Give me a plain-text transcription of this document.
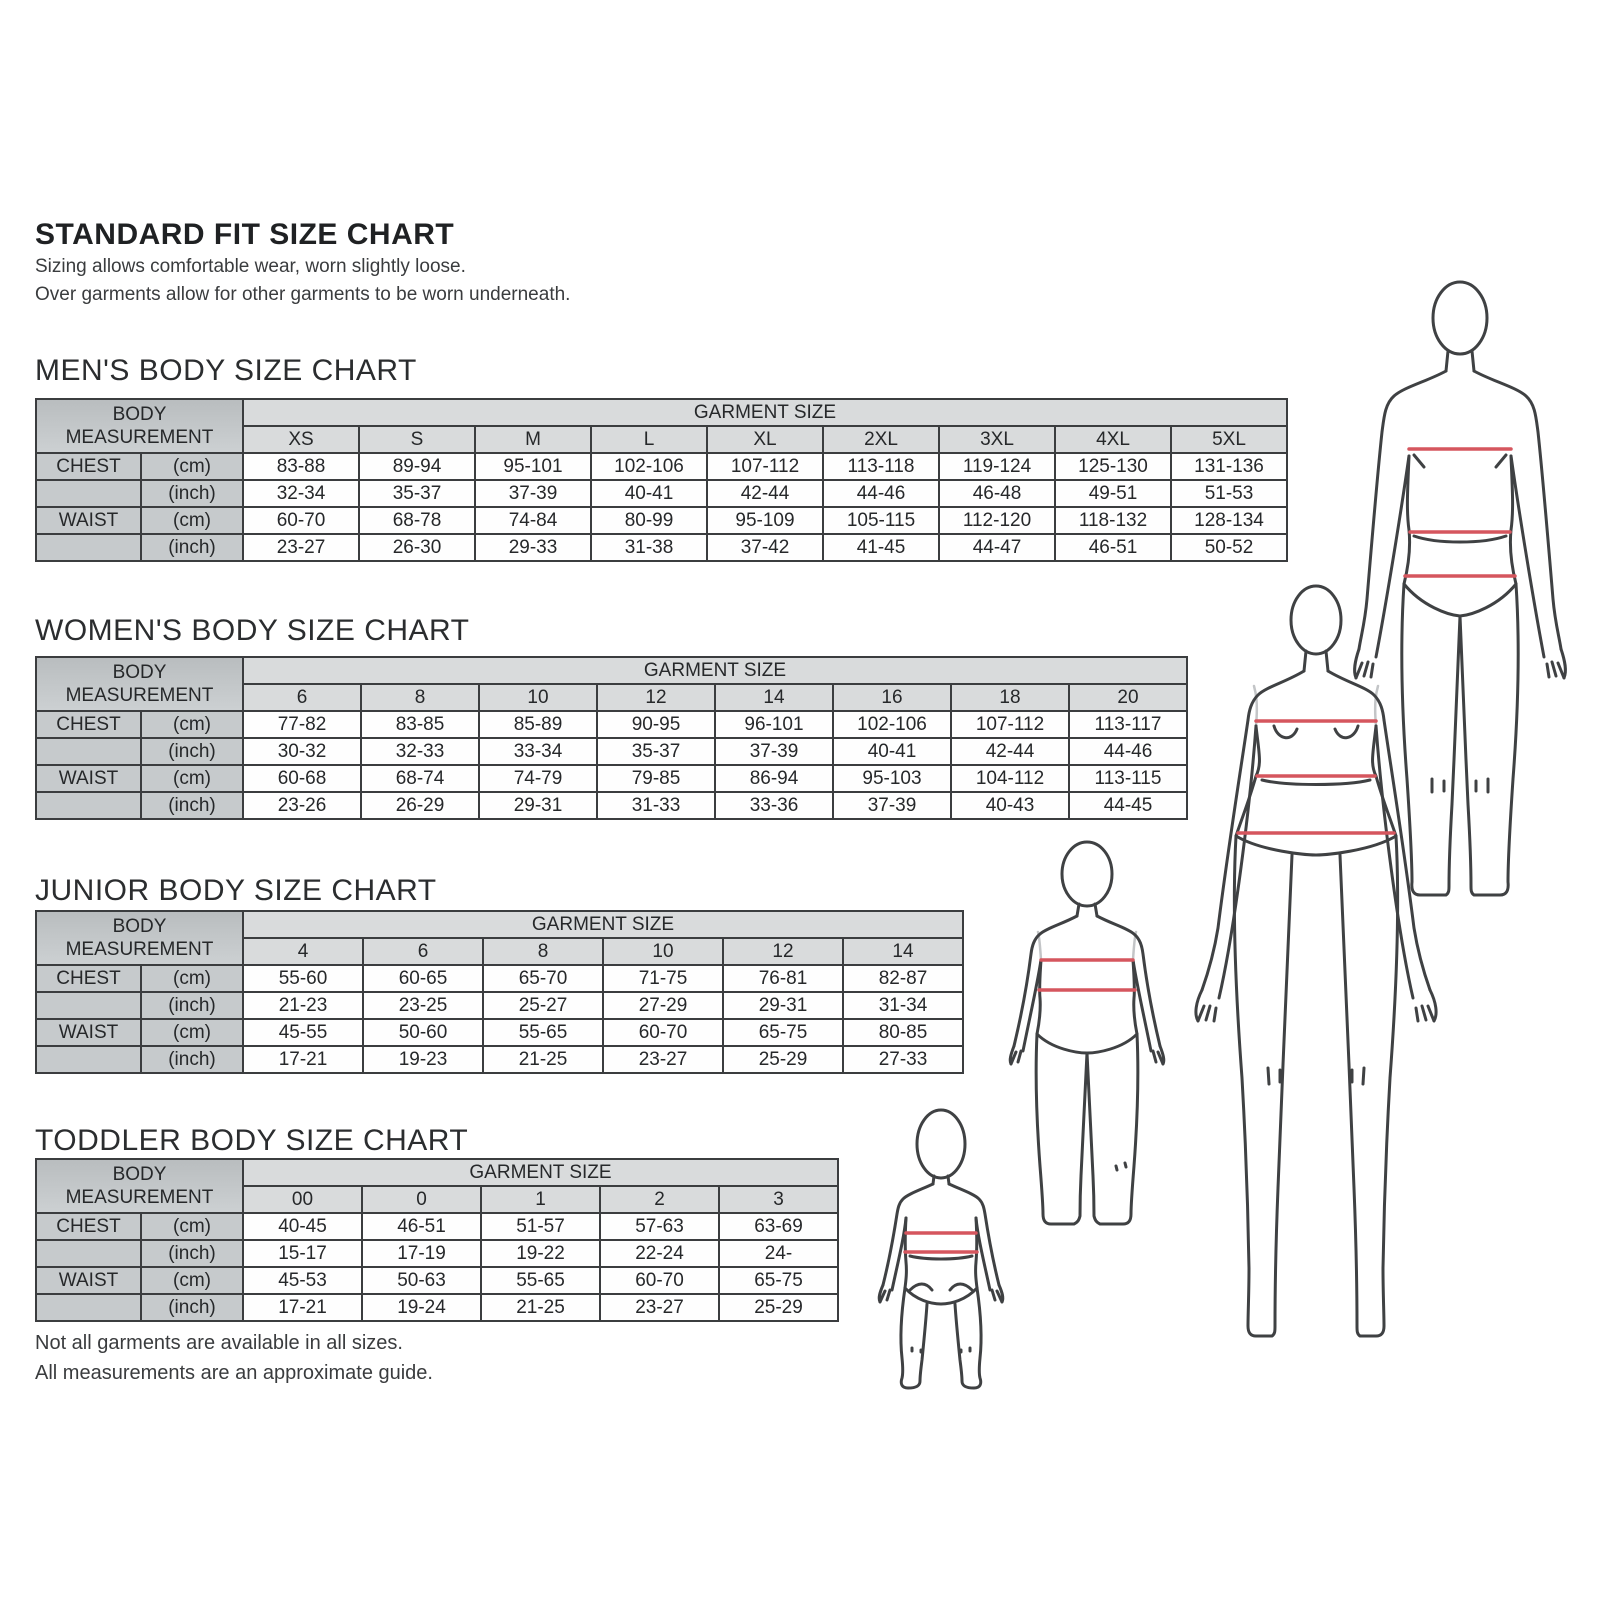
STANDARD FIT SIZE CHART
Sizing allows comfortable wear, worn slightly loose.
Over garments allow for other garments to be worn underneath.
MEN'S BODY SIZE CHART
BODY
MEASUREMENT		GARMENT SIZE								
		XS	S	M	L	XL	2XL	3XL	4XL	5XL
CHEST	(cm)	83-88	89-94	95-101	102-106	107-112	113-118	119-124	125-130	131-136
	(inch)	32-34	35-37	37-39	40-41	42-44	44-46	46-48	49-51	51-53
WAIST	(cm)	60-70	68-78	74-84	80-99	95-109	105-115	112-120	118-132	128-134
	(inch)	23-27	26-30	29-33	31-38	37-42	41-45	44-47	46-51	50-52
WOMEN'S BODY SIZE CHART
BODY
MEASUREMENT		GARMENT SIZE							
		6	8	10	12	14	16	18	20
CHEST	(cm)	77-82	83-85	85-89	90-95	96-101	102-106	107-112	113-117
	(inch)	30-32	32-33	33-34	35-37	37-39	40-41	42-44	44-46
WAIST	(cm)	60-68	68-74	74-79	79-85	86-94	95-103	104-112	113-115
	(inch)	23-26	26-29	29-31	31-33	33-36	37-39	40-43	44-45
JUNIOR BODY SIZE CHART
BODY
MEASUREMENT		GARMENT SIZE					
		4	6	8	10	12	14
CHEST	(cm)	55-60	60-65	65-70	71-75	76-81	82-87
	(inch)	21-23	23-25	25-27	27-29	29-31	31-34
WAIST	(cm)	45-55	50-60	55-65	60-70	65-75	80-85
	(inch)	17-21	19-23	21-25	23-27	25-29	27-33
TODDLER BODY SIZE CHART
BODY
MEASUREMENT		GARMENT SIZE				
		00	0	1	2	3
CHEST	(cm)	40-45	46-51	51-57	57-63	63-69
	(inch)	15-17	17-19	19-22	22-24	24-
WAIST	(cm)	45-53	50-63	55-65	60-70	65-75
	(inch)	17-21	19-24	21-25	23-27	25-29
Not all garments are available in all sizes.
All measurements are an approximate guide.
